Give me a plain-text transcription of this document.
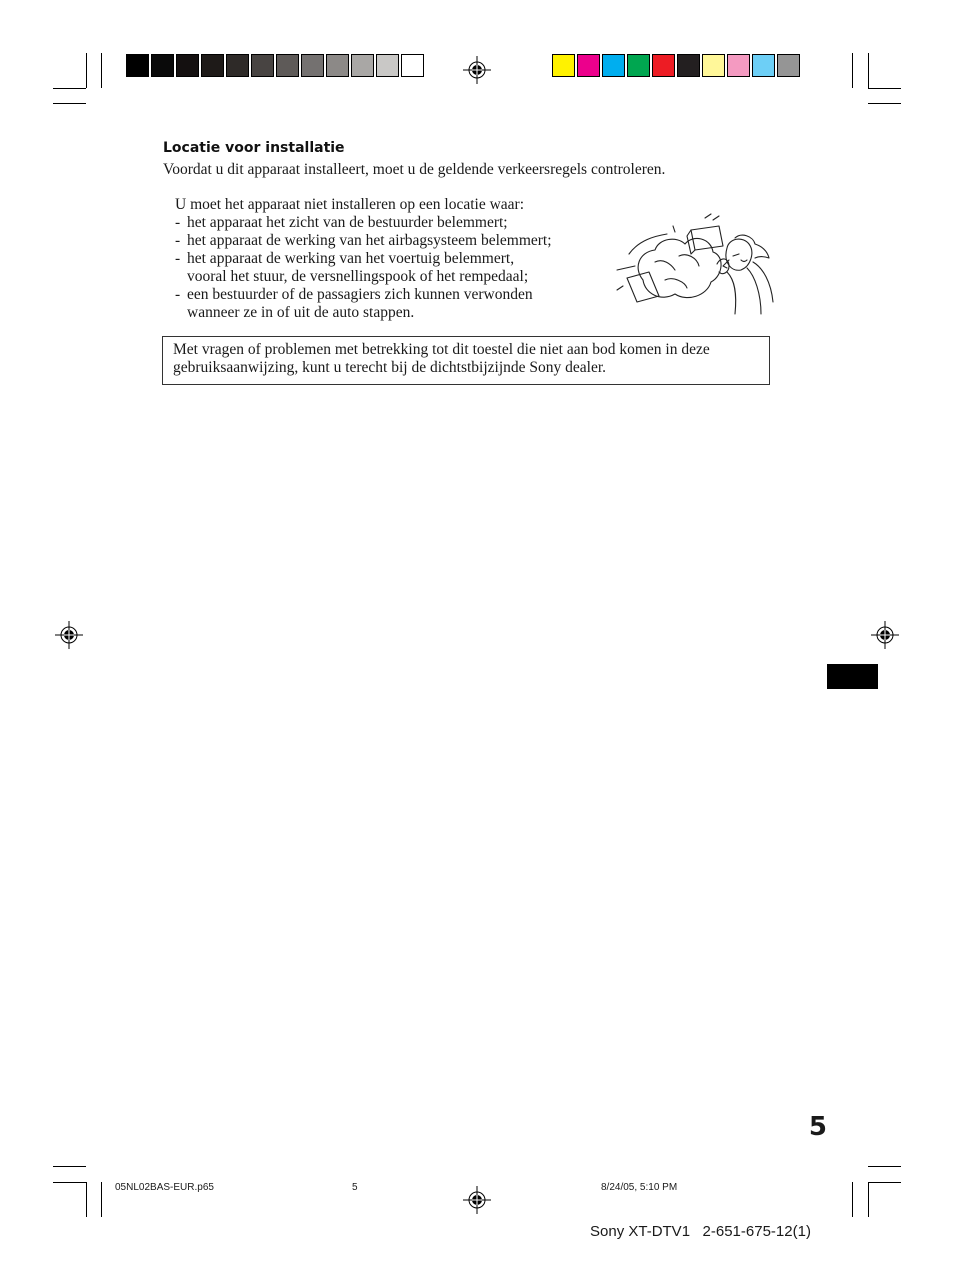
Locatie voor installatie
Voordat u dit apparaat installeert, moet u de geldende verkeersregels controleren.
U moet het apparaat niet installeren op een locatie waar:
- het apparaat het zicht van de bestuurder belemmert;
- het apparaat de werking van het airbagsysteem belemmert;
- het apparaat de werking van het voertuig belemmert,
vooral het stuur, de versnellingspook of het rempedaal;
- een bestuurder of de passagiers zich kunnen verwonden
wanneer ze in of uit de auto stappen.
Met vragen of problemen met betrekking tot dit toestel die niet aan bod komen in deze gebruiksaanwijzing, kunt u terecht bij de dichtstbijzijnde Sony dealer.
5
05NL02BAS-EUR.p65	5	8/24/05, 5:10 PM
Sony XT-DTV1   2-651-675-12(1)
